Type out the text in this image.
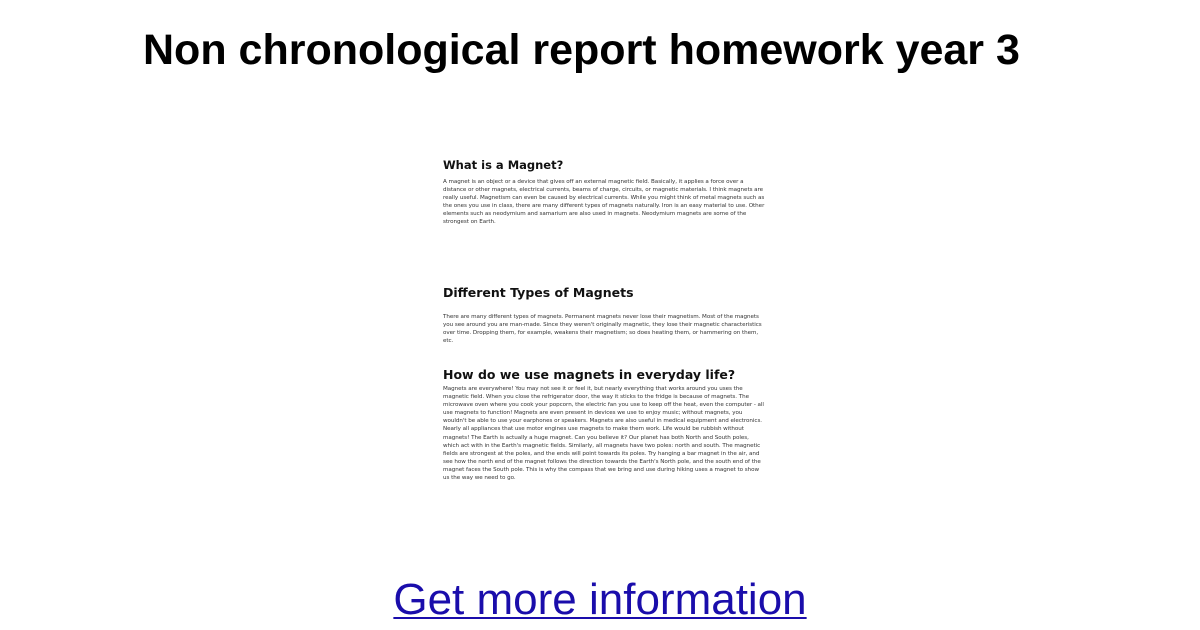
Non chronological report homework year 3

What is a Magnet?

A magnet is an object or a device that gives off an external magnetic field. Basically, it applies a force over a distance or other magnets, electrical currents, beams of charge, circuits, or magnetic materials. I think magnets are really useful. Magnetism can even be caused by electrical currents. While you might think of metal magnets such as the ones you use in class, there are many different types of magnets naturally. Iron is an easy material to use. Other elements such as neodymium and samarium are also used in magnets. Neodymium magnets are some of the strongest on Earth.

Different Types of Magnets

There are many different types of magnets. Permanent magnets never lose their magnetism. Most of the magnets you see around you are man-made. Since they weren't originally magnetic, they lose their magnetic characteristics over time. Dropping them, for example, weakens their magnetism; so does heating them, or hammering on them, etc.

How do we use magnets in everyday life?

Magnets are everywhere! You may not see it or feel it, but nearly everything that works around you uses the magnetic field. When you close the refrigerator door, the way it sticks to the fridge is because of magnets. The microwave oven where you cook your popcorn, the electric fan you use to keep off the heat, even the computer - all use magnets to function! Magnets are even present in devices we use to enjoy music; without magnets, you wouldn't be able to use your earphones or speakers. Magnets are also useful in medical equipment and electronics. Nearly all appliances that use motor engines use magnets to make them work. Life would be rubbish without magnets! The Earth is actually a huge magnet. Can you believe it? Our planet has both North and South poles, which act with in the Earth's magnetic fields. Similarly, all magnets have two poles: north and south. The magnetic fields are strongest at the poles, and the ends will point towards its poles. Try hanging a bar magnet in the air, and see how the north end of the magnet follows the direction towards the Earth's North pole, and the south end of the magnet faces the South pole. This is why the compass that we bring and use during hiking uses a magnet to show us the way we need to go.

Get more information
